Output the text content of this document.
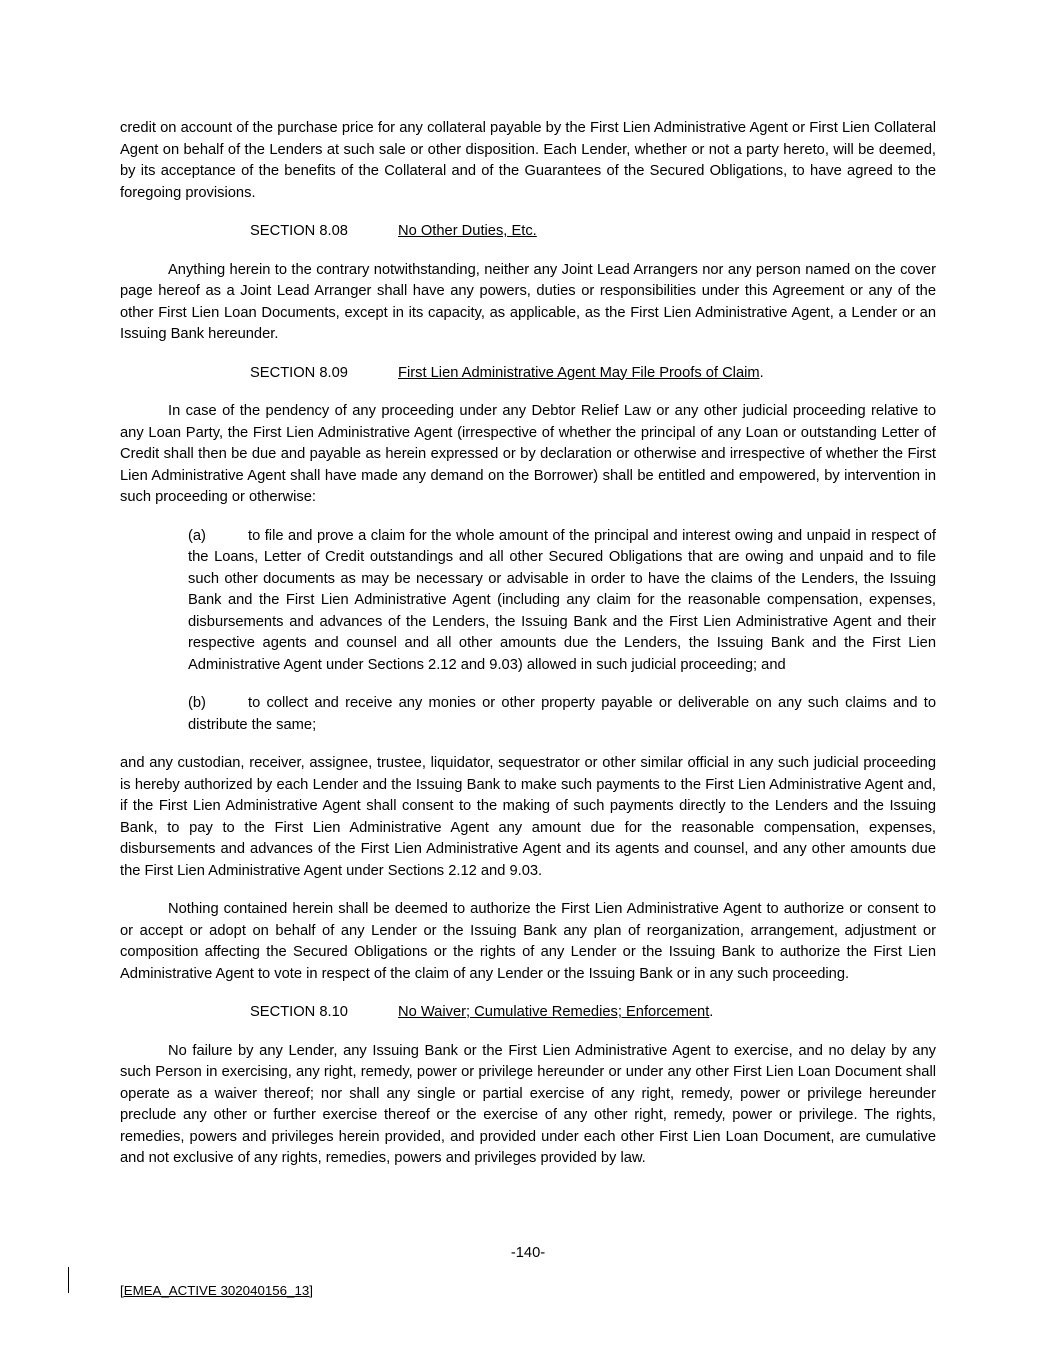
credit on account of the purchase price for any collateral payable by the First Lien Administrative Agent or First Lien Collateral Agent on behalf of the Lenders at such sale or other disposition. Each Lender, whether or not a party hereto, will be deemed, by its acceptance of the benefits of the Collateral and of the Guarantees of the Secured Obligations, to have agreed to the foregoing provisions.

SECTION 8.08	No Other Duties, Etc.

Anything herein to the contrary notwithstanding, neither any Joint Lead Arrangers nor any person named on the cover page hereof as a Joint Lead Arranger shall have any powers, duties or responsibilities under this Agreement or any of the other First Lien Loan Documents, except in its capacity, as applicable, as the First Lien Administrative Agent, a Lender or an Issuing Bank hereunder.

SECTION 8.09	First Lien Administrative Agent May File Proofs of Claim.

In case of the pendency of any proceeding under any Debtor Relief Law or any other judicial proceeding relative to any Loan Party, the First Lien Administrative Agent (irrespective of whether the principal of any Loan or outstanding Letter of Credit shall then be due and payable as herein expressed or by declaration or otherwise and irrespective of whether the First Lien Administrative Agent shall have made any demand on the Borrower) shall be entitled and empowered, by intervention in such proceeding or otherwise:

(a)	to file and prove a claim for the whole amount of the principal and interest owing and unpaid in respect of the Loans, Letter of Credit outstandings and all other Secured Obligations that are owing and unpaid and to file such other documents as may be necessary or advisable in order to have the claims of the Lenders, the Issuing Bank and the First Lien Administrative Agent (including any claim for the reasonable compensation, expenses, disbursements and advances of the Lenders, the Issuing Bank and the First Lien Administrative Agent and their respective agents and counsel and all other amounts due the Lenders, the Issuing Bank and the First Lien Administrative Agent under Sections 2.12 and 9.03) allowed in such judicial proceeding; and

(b)	to collect and receive any monies or other property payable or deliverable on any such claims and to distribute the same;

and any custodian, receiver, assignee, trustee, liquidator, sequestrator or other similar official in any such judicial proceeding is hereby authorized by each Lender and the Issuing Bank to make such payments to the First Lien Administrative Agent and, if the First Lien Administrative Agent shall consent to the making of such payments directly to the Lenders and the Issuing Bank, to pay to the First Lien Administrative Agent any amount due for the reasonable compensation, expenses, disbursements and advances of the First Lien Administrative Agent and its agents and counsel, and any other amounts due the First Lien Administrative Agent under Sections 2.12 and 9.03.

Nothing contained herein shall be deemed to authorize the First Lien Administrative Agent to authorize or consent to or accept or adopt on behalf of any Lender or the Issuing Bank any plan of reorganization, arrangement, adjustment or composition affecting the Secured Obligations or the rights of any Lender or the Issuing Bank to authorize the First Lien Administrative Agent to vote in respect of the claim of any Lender or the Issuing Bank or in any such proceeding.

SECTION 8.10	No Waiver; Cumulative Remedies; Enforcement.

No failure by any Lender, any Issuing Bank or the First Lien Administrative Agent to exercise, and no delay by any such Person in exercising, any right, remedy, power or privilege hereunder or under any other First Lien Loan Document shall operate as a waiver thereof; nor shall any single or partial exercise of any right, remedy, power or privilege hereunder preclude any other or further exercise thereof or the exercise of any other right, remedy, power or privilege. The rights, remedies, powers and privileges herein provided, and provided under each other First Lien Loan Document, are cumulative and not exclusive of any rights, remedies, powers and privileges provided by law.

-140-
[EMEA_ACTIVE 302040156_13]
